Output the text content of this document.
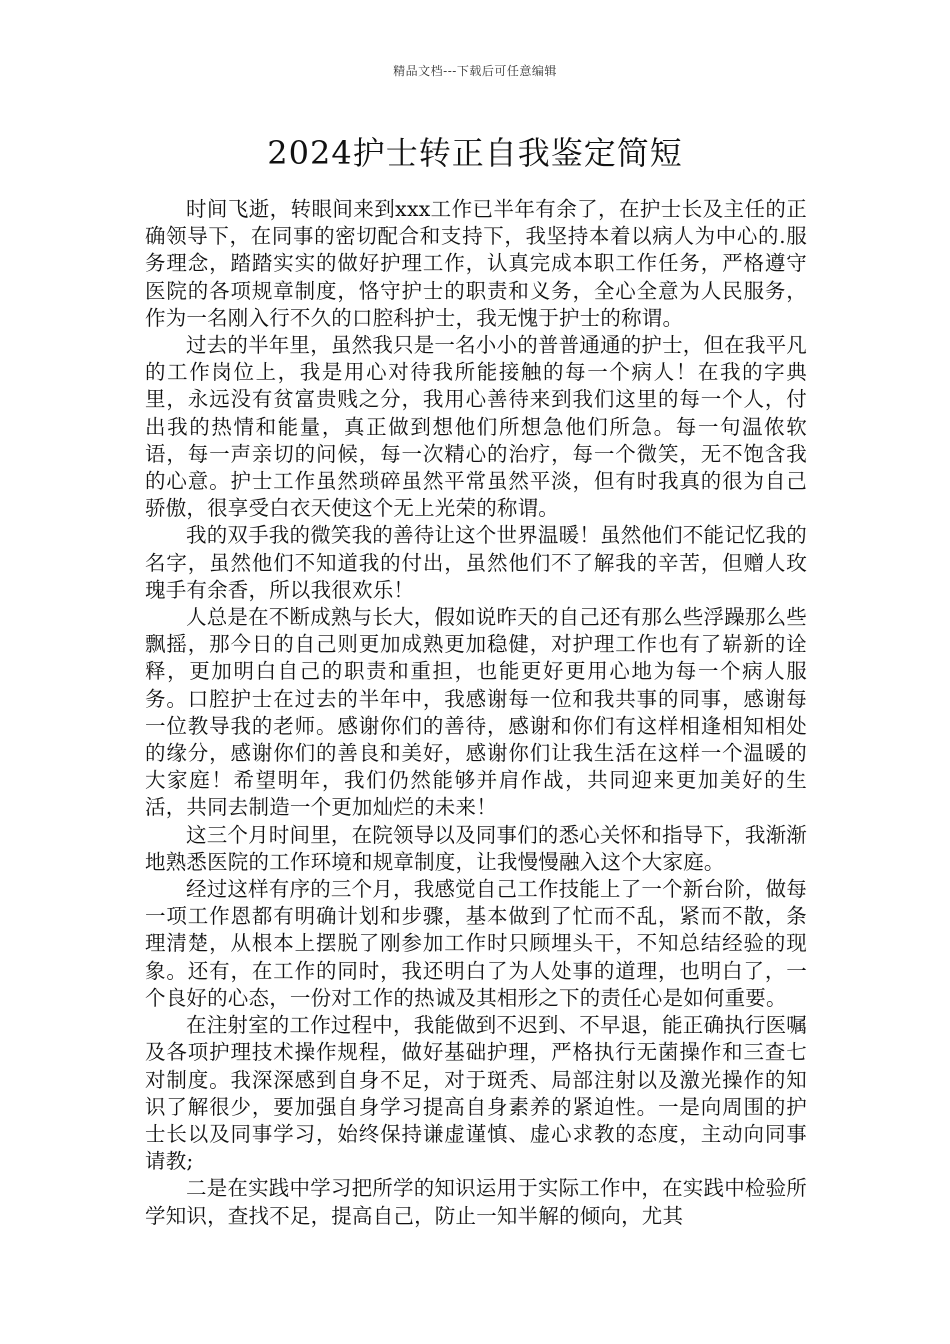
精品文档---下载后可任意编辑
2024护士转正自我鉴定简短

时间飞逝，转眼间来到xxx工作已半年有余了，在护士长及主任的正确领导下，在同事的密切配合和支持下，我坚持本着以病人为中心的.服务理念，踏踏实实的做好护理工作，认真完成本职工作任务，严格遵守医院的各项规章制度，恪守护士的职责和义务，全心全意为人民服务，作为一名刚入行不久的口腔科护士，我无愧于护士的称谓。

过去的半年里，虽然我只是一名小小的普普通通的护士，但在我平凡的工作岗位上，我是用心对待我所能接触的每一个病人！在我的字典里，永远没有贫富贵贱之分，我用心善待来到我们这里的每一个人，付出我的热情和能量，真正做到想他们所想急他们所急。每一句温侬软语，每一声亲切的问候，每一次精心的治疗，每一个微笑，无不饱含我的心意。护士工作虽然琐碎虽然平常虽然平淡，但有时我真的很为自己骄傲，很享受白衣天使这个无上光荣的称谓。

我的双手我的微笑我的善待让这个世界温暖！虽然他们不能记忆我的名字，虽然他们不知道我的付出，虽然他们不了解我的辛苦，但赠人玫瑰手有余香，所以我很欢乐！

人总是在不断成熟与长大，假如说昨天的自己还有那么些浮躁那么些飘摇，那今日的自己则更加成熟更加稳健，对护理工作也有了崭新的诠释，更加明白自己的职责和重担，也能更好更用心地为每一个病人服务。口腔护士在过去的半年中，我感谢每一位和我共事的同事，感谢每一位教导我的老师。感谢你们的善待，感谢和你们有这样相逢相知相处的缘分，感谢你们的善良和美好，感谢你们让我生活在这样一个温暖的大家庭！希望明年，我们仍然能够并肩作战，共同迎来更加美好的生活，共同去制造一个更加灿烂的未来！

这三个月时间里，在院领导以及同事们的悉心关怀和指导下，我渐渐地熟悉医院的工作环境和规章制度，让我慢慢融入这个大家庭。

经过这样有序的三个月，我感觉自己工作技能上了一个新台阶，做每一项工作恩都有明确计划和步骤，基本做到了忙而不乱，紧而不散，条理清楚，从根本上摆脱了刚参加工作时只顾埋头干，不知总结经验的现象。还有，在工作的同时，我还明白了为人处事的道理，也明白了，一个良好的心态，一份对工作的热诚及其相形之下的责任心是如何重要。

在注射室的工作过程中，我能做到不迟到、不早退，能正确执行医嘱及各项护理技术操作规程，做好基础护理，严格执行无菌操作和三查七对制度。我深深感到自身不足，对于斑秃、局部注射以及激光操作的知识了解很少，要加强自身学习提高自身素养的紧迫性。一是向周围的护士长以及同事学习，始终保持谦虚谨慎、虚心求教的态度，主动向同事请教;

二是在实践中学习把所学的知识运用于实际工作中，在实践中检验所学知识，查找不足，提高自己，防止一知半解的倾向，尤其
